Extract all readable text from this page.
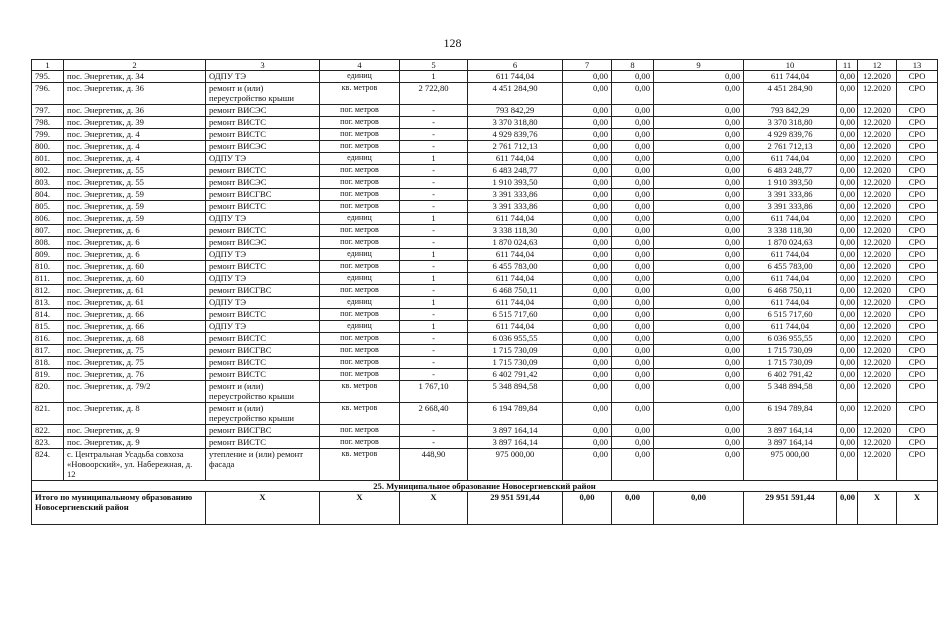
128
1	2	3	4	5	6	7	8	9	10	11	12	13
795.	пос. Энергетик, д. 34	ОДПУ ТЭ	единиц	1	611 744,04	0,00	0,00	0,00	611 744,04	0,00	12.2020	СРО
796.	пос. Энергетик, д. 36	ремонт и (или) переустройство крыши	кв. метров	2 722,80	4 451 284,90	0,00	0,00	0,00	4 451 284,90	0,00	12.2020	СРО
797.	пос. Энергетик, д. 36	ремонт ВИСЭС	пог. метров	-	793 842,29	0,00	0,00	0,00	793 842,29	0,00	12.2020	СРО
798.	пос. Энергетик, д. 39	ремонт ВИСТС	пог. метров	-	3 370 318,80	0,00	0,00	0,00	3 370 318,80	0,00	12.2020	СРО
799.	пос. Энергетик, д. 4	ремонт ВИСТС	пог. метров	-	4 929 839,76	0,00	0,00	0,00	4 929 839,76	0,00	12.2020	СРО
800.	пос. Энергетик, д. 4	ремонт ВИСЭС	пог. метров	-	2 761 712,13	0,00	0,00	0,00	2 761 712,13	0,00	12.2020	СРО
801.	пос. Энергетик, д. 4	ОДПУ ТЭ	единиц	1	611 744,04	0,00	0,00	0,00	611 744,04	0,00	12.2020	СРО
802.	пос. Энергетик, д. 55	ремонт ВИСТС	пог. метров	-	6 483 248,77	0,00	0,00	0,00	6 483 248,77	0,00	12.2020	СРО
803.	пос. Энергетик, д. 55	ремонт ВИСЭС	пог. метров	-	1 910 393,50	0,00	0,00	0,00	1 910 393,50	0,00	12.2020	СРО
804.	пос. Энергетик, д. 59	ремонт ВИСГВС	пог. метров	-	3 391 333,86	0,00	0,00	0,00	3 391 333,86	0,00	12.2020	СРО
805.	пос. Энергетик, д. 59	ремонт ВИСТС	пог. метров	-	3 391 333,86	0,00	0,00	0,00	3 391 333,86	0,00	12.2020	СРО
806.	пос. Энергетик, д. 59	ОДПУ ТЭ	единиц	1	611 744,04	0,00	0,00	0,00	611 744,04	0,00	12.2020	СРО
807.	пос. Энергетик, д. 6	ремонт ВИСТС	пог. метров	-	3 338 118,30	0,00	0,00	0,00	3 338 118,30	0,00	12.2020	СРО
808.	пос. Энергетик, д. 6	ремонт ВИСЭС	пог. метров	-	1 870 024,63	0,00	0,00	0,00	1 870 024,63	0,00	12.2020	СРО
809.	пос. Энергетик, д. 6	ОДПУ ТЭ	единиц	1	611 744,04	0,00	0,00	0,00	611 744,04	0,00	12.2020	СРО
810.	пос. Энергетик, д. 60	ремонт ВИСТС	пог. метров	-	6 455 783,00	0,00	0,00	0,00	6 455 783,00	0,00	12.2020	СРО
811.	пос. Энергетик, д. 60	ОДПУ ТЭ	единиц	1	611 744,04	0,00	0,00	0,00	611 744,04	0,00	12.2020	СРО
812.	пос. Энергетик, д. 61	ремонт ВИСГВС	пог. метров	-	6 468 750,11	0,00	0,00	0,00	6 468 750,11	0,00	12.2020	СРО
813.	пос. Энергетик, д. 61	ОДПУ ТЭ	единиц	1	611 744,04	0,00	0,00	0,00	611 744,04	0,00	12.2020	СРО
814.	пос. Энергетик, д. 66	ремонт ВИСТС	пог. метров	-	6 515 717,60	0,00	0,00	0,00	6 515 717,60	0,00	12.2020	СРО
815.	пос. Энергетик, д. 66	ОДПУ ТЭ	единиц	1	611 744,04	0,00	0,00	0,00	611 744,04	0,00	12.2020	СРО
816.	пос. Энергетик, д. 68	ремонт ВИСТС	пог. метров	-	6 036 955,55	0,00	0,00	0,00	6 036 955,55	0,00	12.2020	СРО
817.	пос. Энергетик, д. 75	ремонт ВИСГВС	пог. метров	-	1 715 730,09	0,00	0,00	0,00	1 715 730,09	0,00	12.2020	СРО
818.	пос. Энергетик, д. 75	ремонт ВИСТС	пог. метров	-	1 715 730,09	0,00	0,00	0,00	1 715 730,09	0,00	12.2020	СРО
819.	пос. Энергетик, д. 76	ремонт ВИСТС	пог. метров	-	6 402 791,42	0,00	0,00	0,00	6 402 791,42	0,00	12.2020	СРО
820.	пос. Энергетик, д. 79/2	ремонт и (или) переустройство крыши	кв. метров	1 767,10	5 348 894,58	0,00	0,00	0,00	5 348 894,58	0,00	12.2020	СРО
821.	пос. Энергетик, д. 8	ремонт и (или) переустройство крыши	кв. метров	2 668,40	6 194 789,84	0,00	0,00	0,00	6 194 789,84	0,00	12.2020	СРО
822.	пос. Энергетик, д. 9	ремонт ВИСГВС	пог. метров	-	3 897 164,14	0,00	0,00	0,00	3 897 164,14	0,00	12.2020	СРО
823.	пос. Энергетик, д. 9	ремонт ВИСТС	пог. метров	-	3 897 164,14	0,00	0,00	0,00	3 897 164,14	0,00	12.2020	СРО
824.	с. Центральная Усадьба совхоза «Новоорский», ул. Набережная, д. 12	утепление и (или) ремонт фасада	кв. метров	448,90	975 000,00	0,00	0,00	0,00	975 000,00	0,00	12.2020	СРО
25. Муниципальное образование Новосергиевский район												
Итого по муниципальному образованию Новосергиевский район		X	X	X	29 951 591,44	0,00	0,00	0,00	29 951 591,44	0,00	X	X
